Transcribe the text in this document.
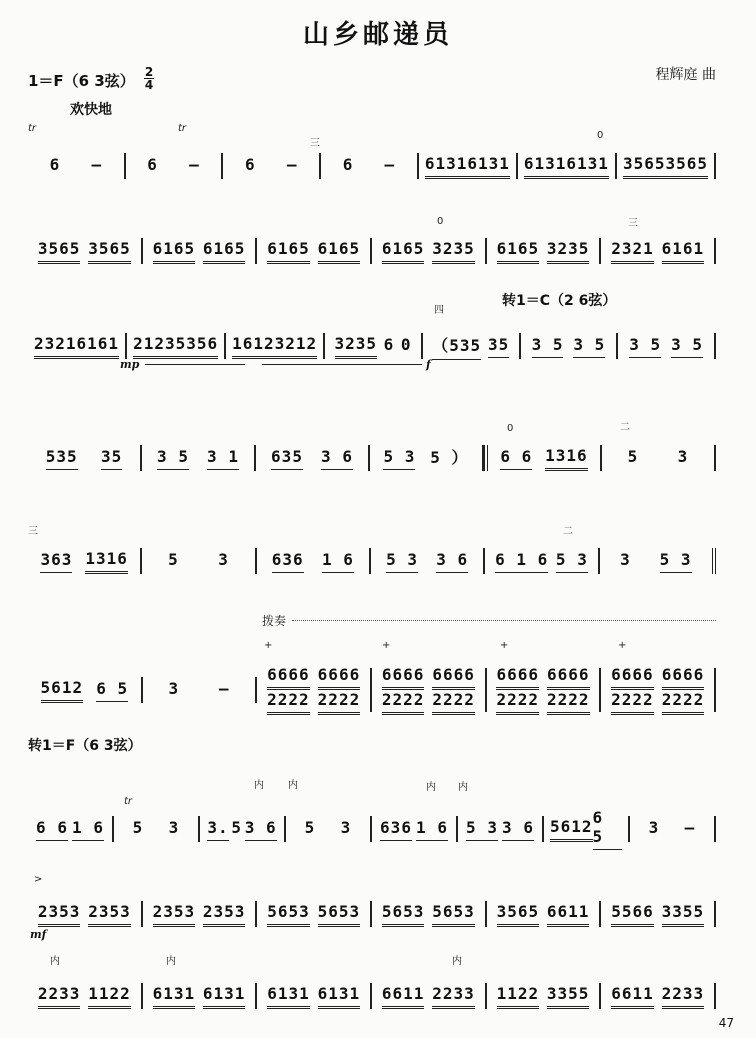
山乡邮递员
程辉庭 曲
1＝F（6 3弦） 2
4
欢快地
tr	tr
三
0
6 –	6 –	6 –	6 – 6131 6131 6131 6131 3565 3565
0	三
3565 3565 6165 6165 6165 6165 6165 3235 6165 3235 2321 6161
转1＝C（2 6弦）
四
2321 6161 2123 5356 1612 3212 3235 6 0 （535 35 3 5 3 5 3 5 3 5
mp	f
0	二
535 35 3 5 3 1 635 3 6 5 3 5 ） 6 6 1316	5 3
三	二
363 1316	5 3	636 1 6 5 3 3 6 6 1 6 5 3 3 5 3
拨奏
+	+	+	+
5612 6 5	3 –
6666 6666
2222 2222
6666 6666
2222 2222
6666 6666
2222 2222
6666 6666
2222 2222
转1＝F（6 3弦）
内 内	内 内
tr
6 6 1 6 5 3 3. 5 3 6 5 3 636 1 6 5 3 3 6 5612 6 5	3 –
>
2353 2353 2353 2353 5653 5653 5653 5653 3565 6611 5566 3355
mf
内	内	内
2233 1122 6131 6131 6131 6131 6611 2233 1122 3355 6611 2233
47
